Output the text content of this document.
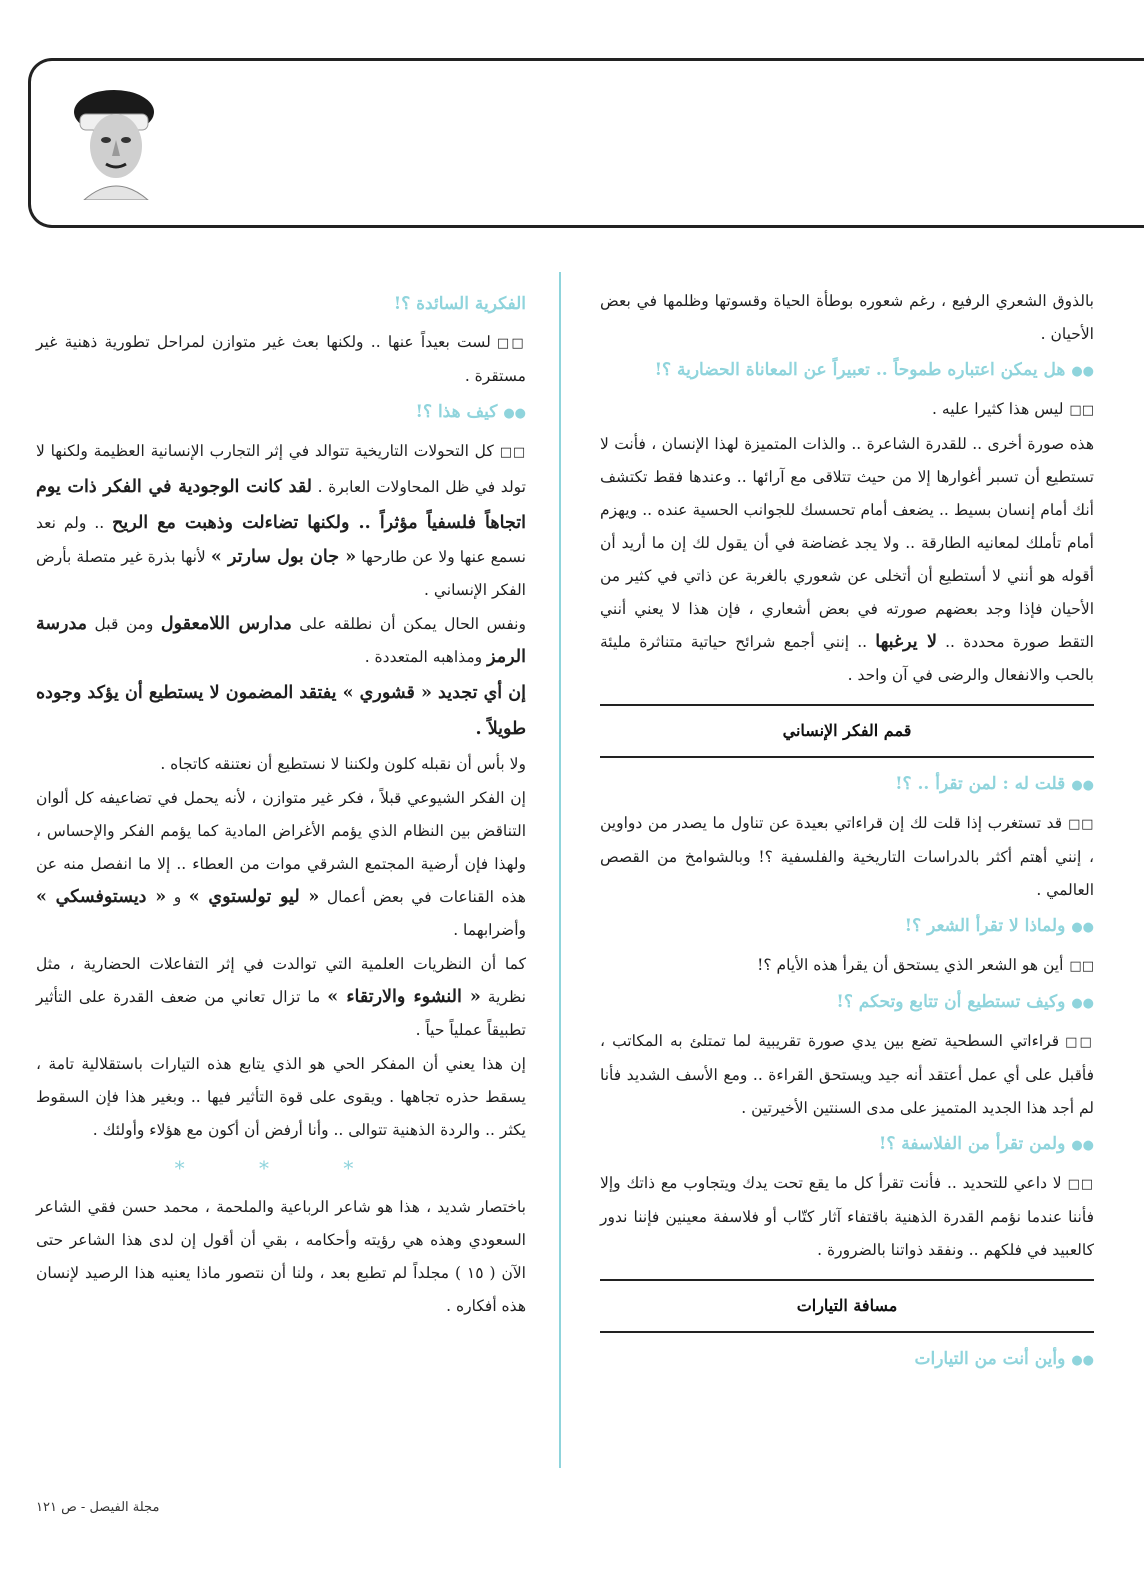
بالذوق الشعري الرفيع ، رغم شعوره بوطأة الحياة وقسوتها وظلمها في بعض الأحيان .

●●هل يمكن اعتباره طموحاً .. تعبيراً عن المعاناة الحضارية ؟!

□□ليس هذا كثيرا عليه .

هذه صورة أخرى .. للقدرة الشاعرة .. والذات المتميزة لهذا الإنسان ، فأنت لا تستطيع أن تسبر أغوارها إلا من حيث تتلاقى مع آرائها .. وعندها فقط تكتشف أنك أمام إنسان بسيط .. يضعف أمام تحسسك للجوانب الحسية عنده .. ويهزم أمام تأملك لمعانيه الطارقة .. ولا يجد غضاضة في أن يقول لك إن ما أريد أن أقوله هو أنني لا أستطيع أن أتخلى عن شعوري بالغربة عن ذاتي في كثير من الأحيان فإذا وجد بعضهم صورته في بعض أشعاري ، فإن هذا لا يعني أنني التقط صورة محددة .. لا يرغبها .. إنني أجمع شرائح حياتية متناثرة مليئة بالحب والانفعال والرضى في آن واحد .

قمم الفكر الإنساني
●●قلت له : لمن تقرأ .. ؟!

□□قد تستغرب إذا قلت لك إن قراءاتي بعيدة عن تناول ما يصدر من دواوين ، إنني أهتم أكثر بالدراسات التاريخية والفلسفية ؟! وبالشوامخ من القصص العالمي .

●●ولماذا لا تقرأ الشعر ؟!

□□أين هو الشعر الذي يستحق أن يقرأ هذه الأيام ؟!

●●وكيف تستطيع أن تتابع وتحكم ؟!

□□قراءاتي السطحية تضع بين يدي صورة تقريبية لما تمتلئ به المكاتب ، فأقبل على أي عمل أعتقد أنه جيد ويستحق القراءة .. ومع الأسف الشديد فأنا لم أجد هذا الجديد المتميز على مدى السنتين الأخيرتين .

●●ولمن تقرأ من الفلاسفة ؟!

□□لا داعي للتحديد .. فأنت تقرأ كل ما يقع تحت يدك ويتجاوب مع ذاتك وإلا فأننا عندما نؤمم القدرة الذهنية باقتفاء آثار كتّاب أو فلاسفة معينين فإننا ندور كالعبيد في فلكهم .. ونفقد ذواتنا بالضرورة .

مسافة التيارات
●●وأين أنت من التيارات
الفكرية السائدة ؟!

□□لست بعيداً عنها .. ولكنها بعث غير متوازن لمراحل تطورية ذهنية غير مستقرة .

●●كيف هذا ؟!

□□كل التحولات التاريخية تتوالد في إثر التجارب الإنسانية العظيمة ولكنها لا تولد في ظل المحاولات العابرة . لقد كانت الوجودية في الفكر ذات يوم اتجاهاً فلسفياً مؤثراً .. ولكنها تضاءلت وذهبت مع الريح .. ولم نعد نسمع عنها ولا عن طارحها « جان بول سارتر » لأنها بذرة غير متصلة بأرض الفكر الإنساني .

ونفس الحال يمكن أن نطلقه على مدارس اللامعقول ومن قبل مدرسة الرمز ومذاهبه المتعددة .

إن أي تجديد « قشوري » يفتقد المضمون لا يستطيع أن يؤكد وجوده طويلاً .

ولا بأس أن نقبله كلون ولكننا لا نستطيع أن نعتنقه كاتجاه .

إن الفكر الشيوعي قبلاً ، فكر غير متوازن ، لأنه يحمل في تضاعيفه كل ألوان التناقض بين النظام الذي يؤمم الأغراض المادية كما يؤمم الفكر والإحساس ، ولهذا فإن أرضية المجتمع الشرقي موات من العطاء .. إلا ما انفصل منه عن هذه القناعات في بعض أعمال « ليو تولستوي » و « ديستوفسكي » وأضرابهما .

كما أن النظريات العلمية التي توالدت في إثر التفاعلات الحضارية ، مثل نظرية « النشوء والارتقاء » ما تزال تعاني من ضعف القدرة على التأثير تطبيقاً عملياً حياً .

إن هذا يعني أن المفكر الحي هو الذي يتابع هذه التيارات باستقلالية تامة ، يسقط حذره تجاهها . ويقوى على قوة التأثير فيها .. وبغير هذا فإن السقوط يكثر .. والردة الذهنية تتوالى .. وأنا أرفض أن أكون مع هؤلاء وأولئك .

* * *

باختصار شديد ، هذا هو شاعر الرباعية والملحمة ، محمد حسن فقي الشاعر السعودي وهذه هي رؤيته وأحكامه ، بقي أن أقول إن لدى هذا الشاعر حتى الآن ( ١٥ ) مجلداً لم تطبع بعد ، ولنا أن نتصور ماذا يعنيه هذا الرصيد لإنسان هذه أفكاره .

مجلة الفيصل - ص ١٢١
